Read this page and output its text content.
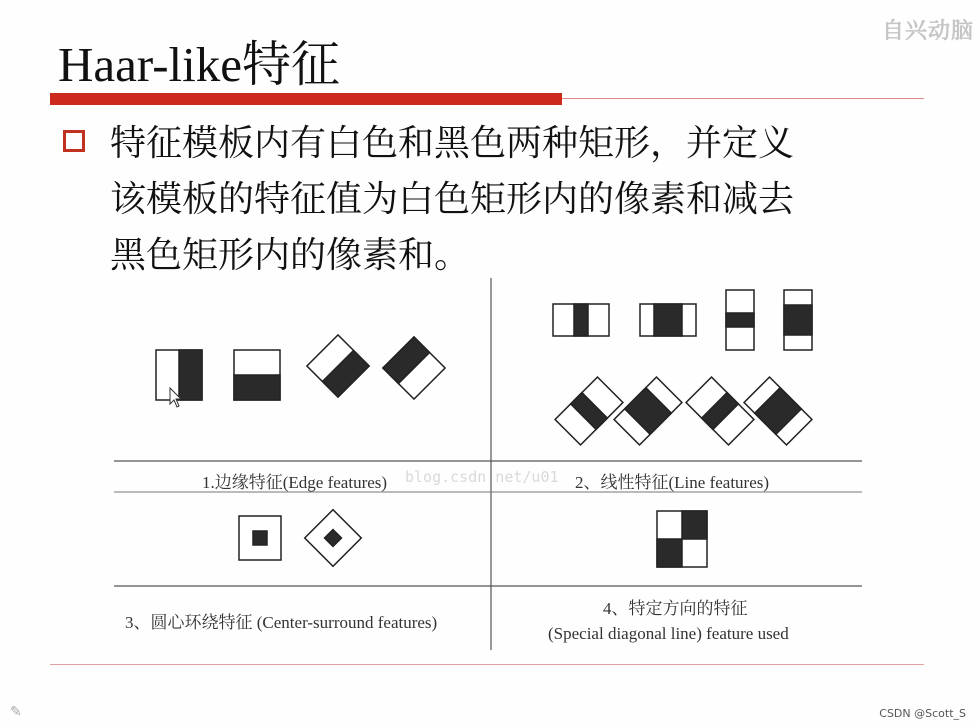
自兴动脑
Haar-like特征
特征模板内有白色和黑色两种矩形，并定义
该模板的特征值为白色矩形内的像素和减去
黑色矩形内的像素和。
1.边缘特征(Edge features) blog.csdn.net/u01 2、线性特征(Line features)
3、圆心环绕特征 (Center-surround features)
4、特定方向的特征
(Special diagonal line) feature used
✎	CSDN @Scott_S
